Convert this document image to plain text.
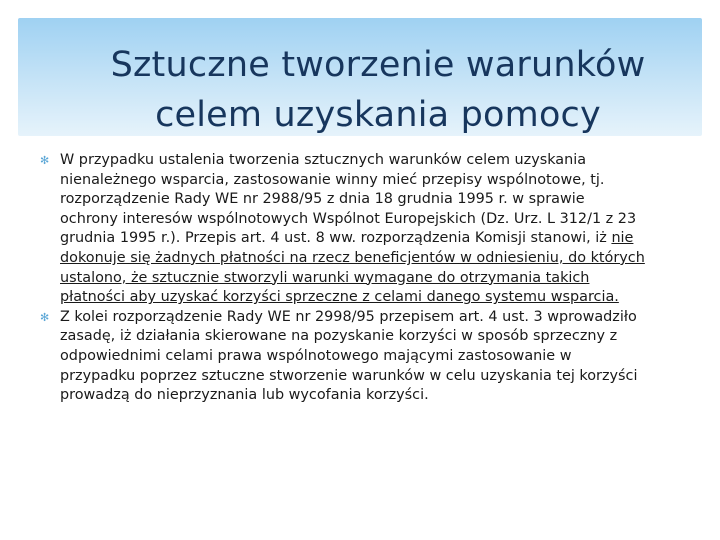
Sztuczne tworzenie warunków celem uzyskania pomocy
✻ W przypadku ustalenia tworzenia sztucznych warunków celem uzyskania nienależnego wsparcia, zastosowanie winny mieć przepisy wspólnotowe, tj. rozporządzenie Rady WE nr 2988/95 z dnia 18 grudnia 1995 r. w sprawie ochrony interesów wspólnotowych Wspólnot Europejskich (Dz. Urz. L 312/1 z 23 grudnia 1995 r.). Przepis art. 4 ust. 8 ww. rozporządzenia Komisji stanowi, iż nie dokonuje się żadnych płatności na rzecz beneficjentów w odniesieniu, do których ustalono, że sztucznie stworzyli warunki wymagane do otrzymania takich płatności aby uzyskać korzyści sprzeczne z celami danego systemu wsparcia.
✻ Z kolei rozporządzenie Rady WE nr 2998/95 przepisem art. 4 ust. 3 wprowadziło zasadę, iż działania skierowane na pozyskanie korzyści w sposób sprzeczny z odpowiednimi celami prawa wspólnotowego mającymi zastosowanie w przypadku poprzez sztuczne stworzenie warunków w celu uzyskania tej korzyści prowadzą do nieprzyznania lub wycofania korzyści.
